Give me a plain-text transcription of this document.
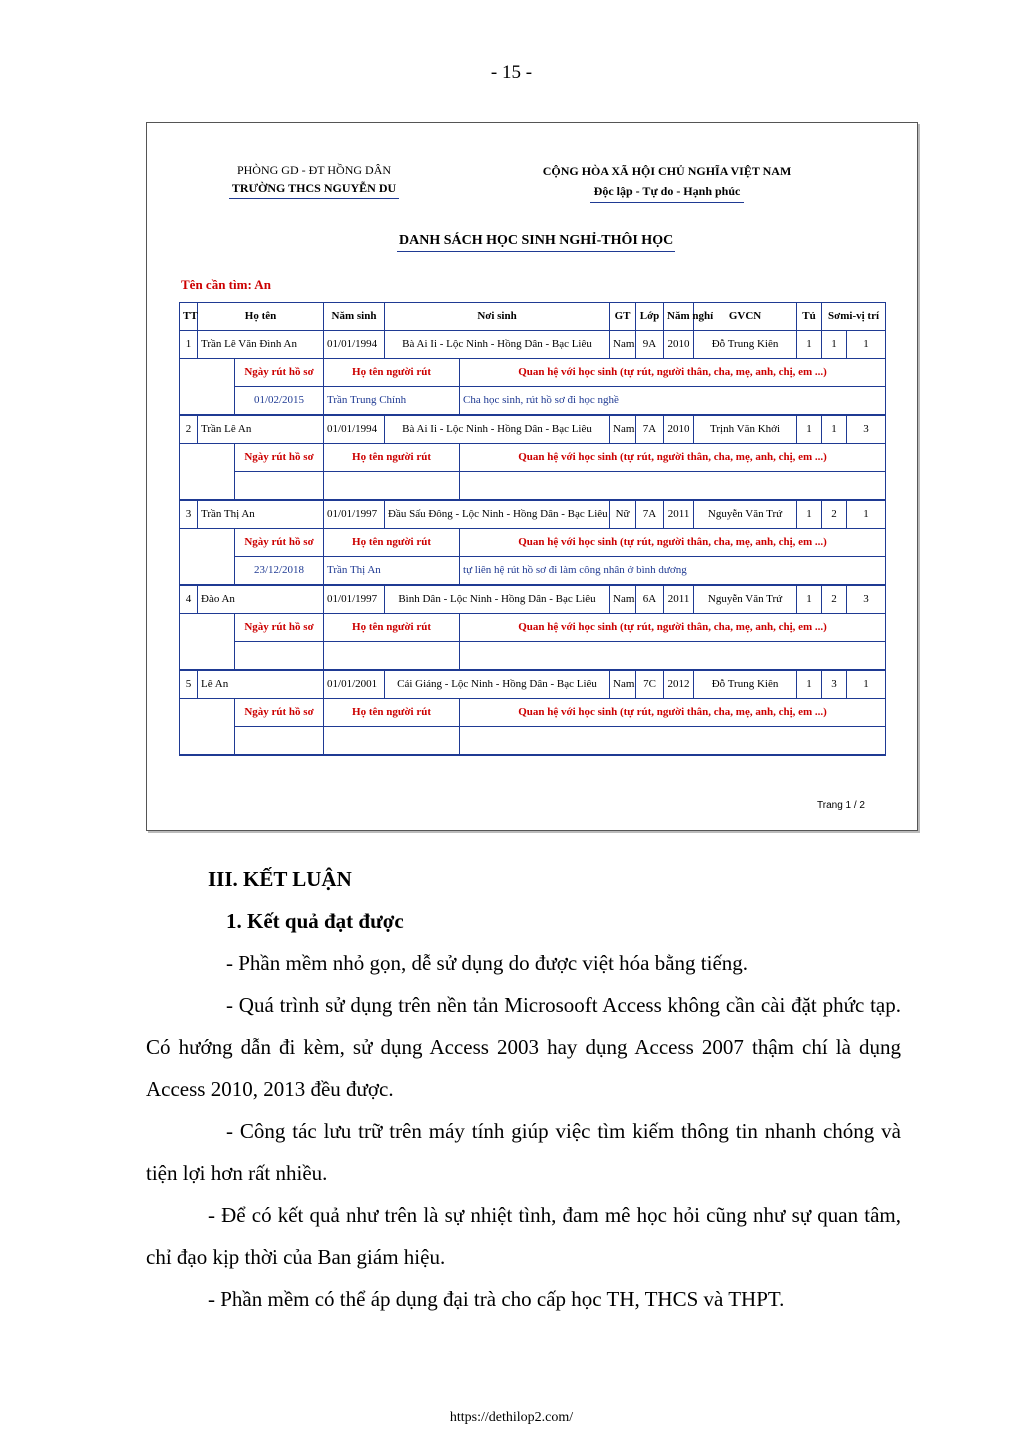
- 15 -
PHÒNG GD - ĐT HỒNG DÂN
TRƯỜNG THCS NGUYỄN DU
CỘNG HÒA XÃ HỘI CHỦ NGHĨA VIỆT NAM
Độc lập - Tự do - Hạnh phúc
DANH SÁCH HỌC SINH NGHỈ-THÔI HỌC
Tên cần tìm: An
TT	Họ tên		Năm sinh	Nơi sinh		GT	Lớp	Năm nghỉ	GVCN	Tủ	Sơmi-vị trí	
1	Trần Lê Văn Đình An		01/01/1994	Bà Ai Ii - Lộc Ninh - Hồng Dân - Bạc Liêu		Nam	9A	2010	Đỗ Trung Kiên	1	1	1
		Ngày rút hồ sơ	Họ tên người rút		Quan hệ với học sinh (tự rút, người thân, cha, mẹ, anh, chị, em ...)							
		01/02/2015	Trần Trung Chính		Cha học sinh, rút hồ sơ đi học nghề							
2	Trần Lê An		01/01/1994	Bà Ai Ii - Lộc Ninh - Hồng Dân - Bạc Liêu		Nam	7A	2010	Trịnh Văn Khởi	1	1	3
		Ngày rút hồ sơ	Họ tên người rút		Quan hệ với học sinh (tự rút, người thân, cha, mẹ, anh, chị, em ...)							

3	Trần Thị An		01/01/1997	Đầu Sấu Đông - Lộc Ninh - Hồng Dân - Bạc Liêu		Nữ	7A	2011	Nguyễn Văn Trứ	1	2	1
		Ngày rút hồ sơ	Họ tên người rút		Quan hệ với học sinh (tự rút, người thân, cha, mẹ, anh, chị, em ...)							
		23/12/2018	Trần Thị An		tự liên hệ rút hồ sơ đi làm công nhân ở bình dương							
4	Đào An		01/01/1997	Bình Dân - Lộc Ninh - Hồng Dân - Bạc Liêu		Nam	6A	2011	Nguyễn Văn Trứ	1	2	3
		Ngày rút hồ sơ	Họ tên người rút		Quan hệ với học sinh (tự rút, người thân, cha, mẹ, anh, chị, em ...)							

5	Lê An		01/01/2001	Cái Giáng - Lộc Ninh - Hồng Dân - Bạc Liêu		Nam	7C	2012	Đỗ Trung Kiên	1	3	1
		Ngày rút hồ sơ	Họ tên người rút		Quan hệ với học sinh (tự rút, người thân, cha, mẹ, anh, chị, em ...)							

Trang 1 / 2
III. KẾT LUẬN
1. Kết quả đạt được

- Phần mềm nhỏ gọn, dễ sử dụng do được việt hóa bằng tiếng.

- Quá trình sử dụng trên nền tản Microsooft Access không cần cài đặt phức tạp. Có hướng dẫn đi kèm, sử dụng Access 2003 hay dụng Access 2007 thậm chí là dụng Access 2010, 2013 đều được.

- Công tác lưu trữ trên máy tính giúp việc tìm kiếm thông tin nhanh chóng và tiện lợi hơn rất nhiều.

- Để có kết quả như trên là sự nhiệt tình, đam mê học hỏi cũng như sự quan tâm, chỉ đạo kịp thời của Ban giám hiệu.

- Phần mềm có thể áp dụng đại trà cho cấp học TH, THCS và THPT.

https://dethilop2.com/
